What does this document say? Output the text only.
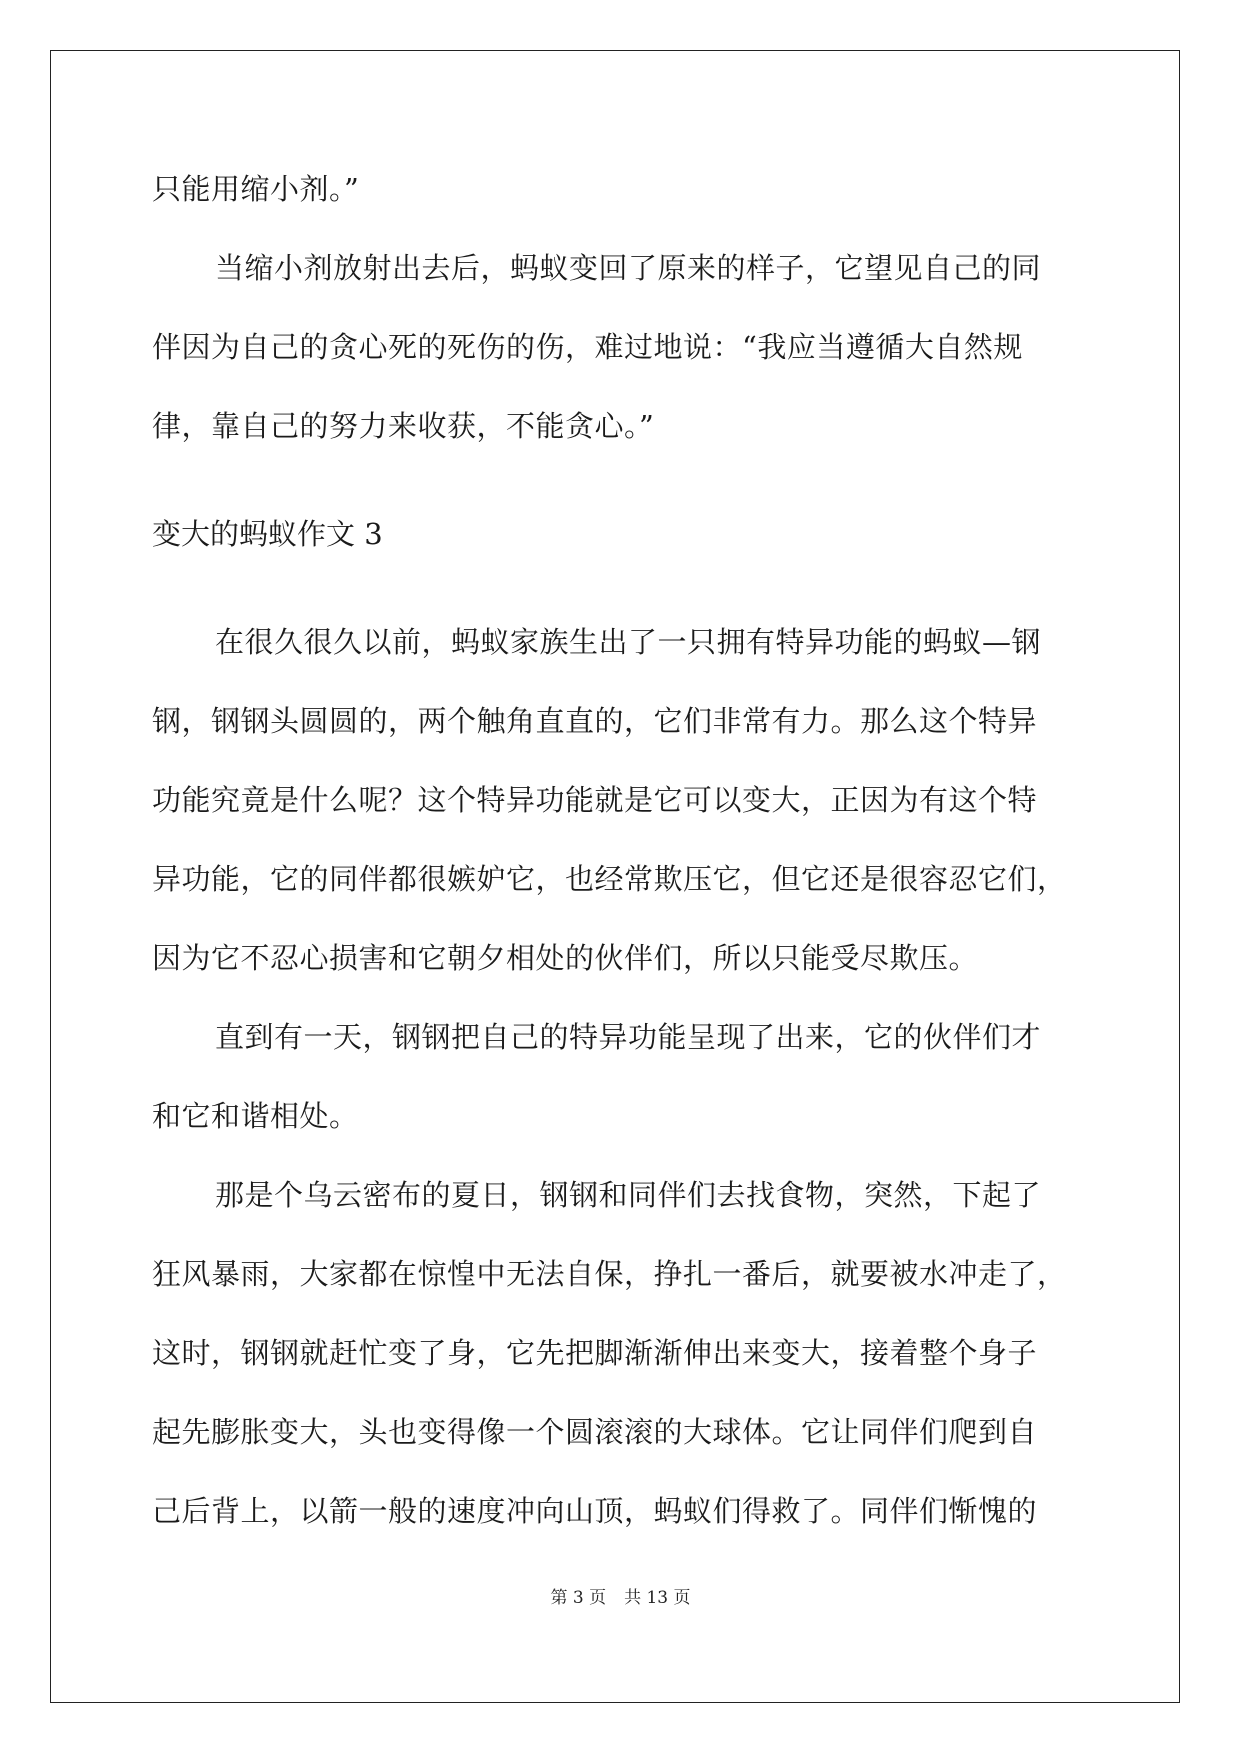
只能用缩小剂。”

当缩小剂放射出去后，蚂蚁变回了原来的样子，它望见自己的同

伴因为自己的贪心死的死伤的伤，难过地说：“我应当遵循大自然规

律，靠自己的努力来收获，不能贪心。”

变大的蚂蚁作文 3

在很久很久以前，蚂蚁家族生出了一只拥有特异功能的蚂蚁—钢

钢，钢钢头圆圆的，两个触角直直的，它们非常有力。那么这个特异

功能究竟是什么呢？这个特异功能就是它可以变大，正因为有这个特

异功能，它的同伴都很嫉妒它，也经常欺压它，但它还是很容忍它们，

因为它不忍心损害和它朝夕相处的伙伴们，所以只能受尽欺压。

直到有一天，钢钢把自己的特异功能呈现了出来，它的伙伴们才

和它和谐相处。

那是个乌云密布的夏日，钢钢和同伴们去找食物，突然，下起了

狂风暴雨，大家都在惊惶中无法自保，挣扎一番后，就要被水冲走了，

这时，钢钢就赶忙变了身，它先把脚渐渐伸出来变大，接着整个身子

起先膨胀变大，头也变得像一个圆滚滚的大球体。它让同伴们爬到自

己后背上，以箭一般的速度冲向山顶，蚂蚁们得救了。同伴们惭愧的

第 3 页 共 13 页
